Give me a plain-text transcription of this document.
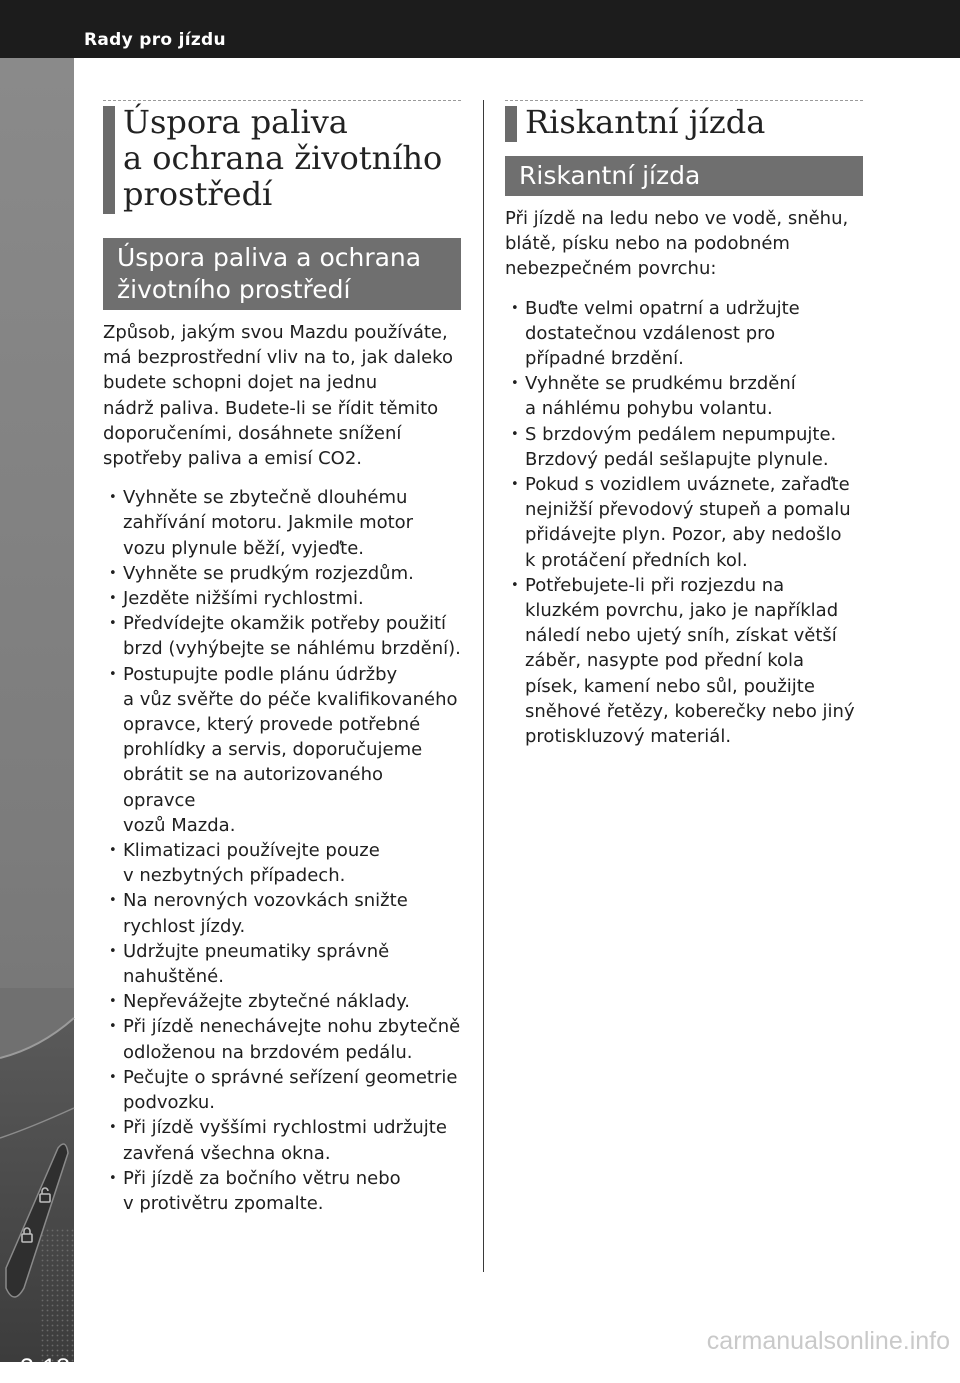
Rady pro jízdu
3-18
Úspora paliva
a ochrana životního
prostředí
Úspora paliva a ochrana
životního prostředí

Způsob, jakým svou Mazdu používáte,

má bezprostřední vliv na to, jak daleko

budete schopni dojet na jednu

nádrž paliva. Budete-li se řídit těmito

doporučeními, dosáhnete snížení

spotřeby paliva a emisí CO2.

• Vyhněte se zbytečně dlouhému
zahřívání motoru. Jakmile motor
vozu plynule běží, vyjeďte.
• Vyhněte se prudkým rozjezdům.
• Jezděte nižšími rychlostmi.
• Předvídejte okamžik potřeby použití
brzd (vyhýbejte se náhlému brzdění).
• Postupujte podle plánu údržby
a vůz svěřte do péče kvalifikovaného
opravce, který provede potřebné
prohlídky a servis, doporučujeme
obrátit se na autorizovaného opravce
vozů Mazda.
• Klimatizaci používejte pouze
v nezbytných případech.
• Na nerovných vozovkách snižte
rychlost jízdy.
• Udržujte pneumatiky správně
nahuštěné.
• Nepřevážejte zbytečné náklady.
• Při jízdě nenechávejte nohu zbytečně
odloženou na brzdovém pedálu.
• Pečujte o správné seřízení geometrie
podvozku.
• Při jízdě vyššími rychlostmi udržujte
zavřená všechna okna.
• Při jízdě za bočního větru nebo
v protivětru zpomalte.
Riskantní jízda
Riskantní jízda

Při jízdě na ledu nebo ve vodě, sněhu,

blátě, písku nebo na podobném

nebezpečném povrchu:

• Buďte velmi opatrní a udržujte
dostatečnou vzdálenost pro
případné brzdění.
• Vyhněte se prudkému brzdění
a náhlému pohybu volantu.
• S brzdovým pedálem nepumpujte.
Brzdový pedál sešlapujte plynule.
• Pokud s vozidlem uváznete, zařaďte
nejnižší převodový stupeň a pomalu
přidávejte plyn. Pozor, aby nedošlo
k protáčení předních kol.
• Potřebujete-li při rozjezdu na
kluzkém povrchu, jako je například
náledí nebo ujetý sníh, získat větší
záběr, nasypte pod přední kola
písek, kamení nebo sůl, použijte
sněhové řetězy, koberečky nebo jiný
protiskluzový materiál.
carmanualsonline.info
